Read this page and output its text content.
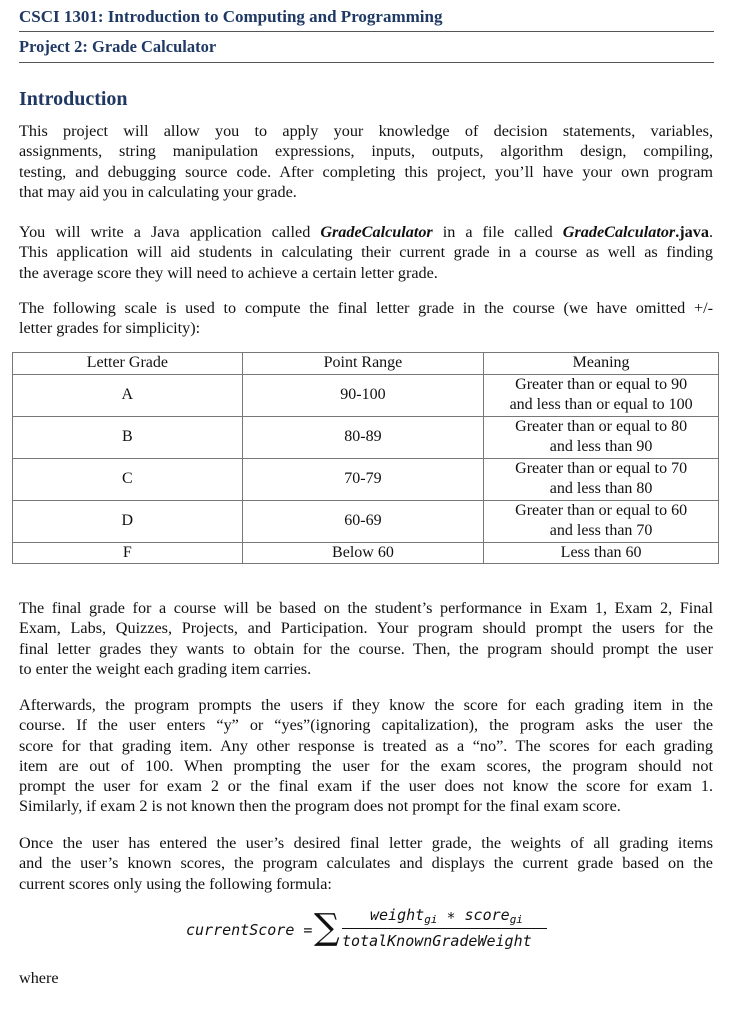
CSCI 1301: Introduction to Computing and Programming
Project 2: Grade Calculator
Introduction
This project will allow you to apply your knowledge of decision statements, variables,
assignments, string manipulation expressions, inputs, outputs, algorithm design, compiling,
testing, and debugging source code. After completing this project, you’ll have your own program
that may aid you in calculating your grade.
You will write a Java application called GradeCalculator in a file called GradeCalculator.java.
This application will aid students in calculating their current grade in a course as well as finding
the average score they will need to achieve a certain letter grade.
The following scale is used to compute the final letter grade in the course (we have omitted +/-
letter grades for simplicity):
Letter Grade	Point Range	Meaning
A	90-100	Greater than or equal to 90
and less than or equal to 100

B	80-89	Greater than or equal to 80
and less than 90

C	70-79	Greater than or equal to 70
and less than 80

D	60-69	Greater than or equal to 60
and less than 70

F	Below 60	Less than 60
The final grade for a course will be based on the student’s performance in Exam 1, Exam 2, Final
Exam, Labs, Quizzes, Projects, and Participation. Your program should prompt the users for the
final letter grades they wants to obtain for the course. Then, the program should prompt the user
to enter the weight each grading item carries.
Afterwards, the program prompts the users if they know the score for each grading item in the
course. If the user enters “y” or “yes”(ignoring capitalization), the program asks the user the
score for that grading item. Any other response is treated as a “no”. The scores for each grading
item are out of 100. When prompting the user for the exam scores, the program should not
prompt the user for exam 2 or the final exam if the user does not know the score for exam 1.
Similarly, if exam 2 is not known then the program does not prompt for the final exam score.
Once the user has entered the user’s desired final letter grade, the weights of all grading items
and the user’s known scores, the program calculates and displays the current grade based on the
current scores only using the following formula:
currentScore = ∑ weight$_{gi}$ ∗ score$_{gi}$
totalKnownGradeWeight
where
